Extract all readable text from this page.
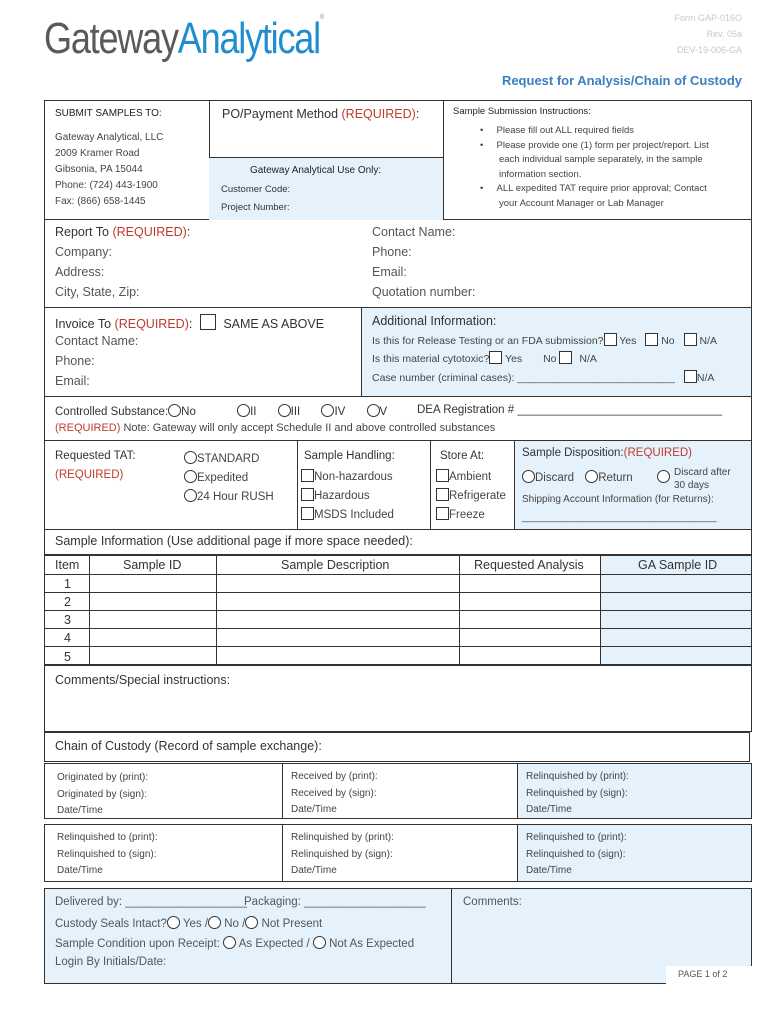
GatewayAnalytical®	Form GAP-016O
Rev. 05a
DEV-19-006-GA
Request for Analysis/Chain of Custody
SUBMIT SAMPLES TO:
Gateway Analytical, LLC
2009 Kramer Road
Gibsonia, PA 15044
Phone: (724) 443-1900
Fax: (866) 658-1445
PO/Payment Method (REQUIRED):
Gateway Analytical Use Only:
Customer Code:
Project Number:
Sample Submission Instructions:
•     Please fill out ALL required fields
•     Please provide one (1) form per project/report. List
each individual sample separately, in the sample
information section.
•     ALL expedited TAT require prior approval; Contact
your Account Manager or Lab Manager
Report To (REQUIRED):
Company:
Address:
City, State, Zip:
Contact Name:
Phone:
Email:
Quotation number:
Invoice To (REQUIRED): SAME AS ABOVE
Contact Name:
Phone:
Email:
Additional Information:
Is this for Release Testing or an FDA submission? Yes No N/A
Is this material cytotoxic? Yes No N/A
Case number (criminal cases): ___________________________ N/A
Controlled Substance: No	II	III	IV	V	DEA Registration # ________________________________
(REQUIRED) Note: Gateway will only accept Schedule II and above controlled substances
Requested TAT:
(REQUIRED)
STANDARD
Expedited
24 Hour RUSH
Sample Handling:
Non-hazardous
Hazardous
MSDS Included
Store At:
Ambient
Refrigerate
Freeze
Sample Disposition:(REQUIRED)
Discard Return	Discard after
30 days
Shipping Account Information (for Returns):
___________________________________
Sample Information (Use additional page if more space needed):
Item	Sample ID	Sample Description	Requested Analysis	GA Sample ID
1
2
3
4
5
Comments/Special instructions:
Chain of Custody (Record of sample exchange):
Originated by (print):
Originated by (sign):
Date/Time
Received by (print):
Received by (sign):
Date/Time
Relinquished by (print):
Relinquished by (sign):
Date/Time
Relinquished to (print):
Relinquished to (sign):
Date/Time
Relinquished by (print):
Relinquished by (sign):
Date/Time
Relinquished to (print):
Relinquished to (sign):
Date/Time
Delivered by: ___________________
Packaging: ___________________
Custody Seals Intact? Yes / No / Not Present
Sample Condition upon Receipt: As Expected / Not As Expected
Login By Initials/Date:
Comments:
PAGE 1 of 2
